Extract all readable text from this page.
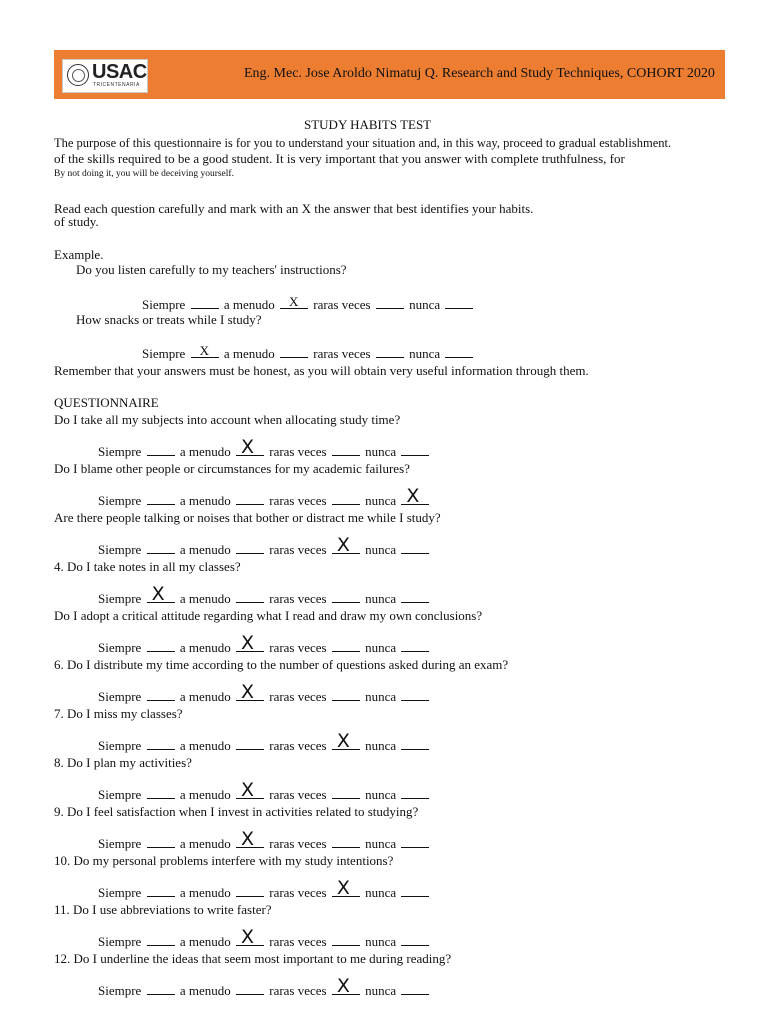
USAC
TRICENTENARIA
Eng. Mec. Jose Aroldo Nimatuj Q. Research and Study Techniques, COHORT 2020
STUDY HABITS TEST
The purpose of this questionnaire is for you to understand your situation and, in this way, proceed to gradual establishment.
of the skills required to be a good student. It is very important that you answer with complete truthfulness, for
By not doing it, you will be deceiving yourself.
Read each question carefully and mark with an X the answer that best identifies your habits.
of study.
Example.
Do you listen carefully to my teachers' instructions?
Siempre	a menudo X raras veces	nunca
How snacks or treats while I study?
Siempre X a menudo	raras veces	nunca
Remember that your answers must be honest, as you will obtain very useful information through them.
QUESTIONNAIRE
Do I take all my subjects into account when allocating study time?
Siempre	a menudo X raras veces	nunca
Do I blame other people or circumstances for my academic failures?
Siempre	a menudo	raras veces	nunca X
Are there people talking or noises that bother or distract me while I study?
Siempre	a menudo	raras veces X nunca
4. Do I take notes in all my classes?
Siempre X a menudo	raras veces	nunca
Do I adopt a critical attitude regarding what I read and draw my own conclusions?
Siempre	a menudo X raras veces	nunca
6. Do I distribute my time according to the number of questions asked during an exam?
Siempre	a menudo X raras veces	nunca
7. Do I miss my classes?
Siempre	a menudo	raras veces X nunca
8. Do I plan my activities?
Siempre	a menudo X raras veces	nunca
9. Do I feel satisfaction when I invest in activities related to studying?
Siempre	a menudo X raras veces	nunca
10. Do my personal problems interfere with my study intentions?
Siempre	a menudo	raras veces X nunca
11. Do I use abbreviations to write faster?
Siempre	a menudo X raras veces	nunca
12. Do I underline the ideas that seem most important to me during reading?
Siempre	a menudo	raras veces X nunca
